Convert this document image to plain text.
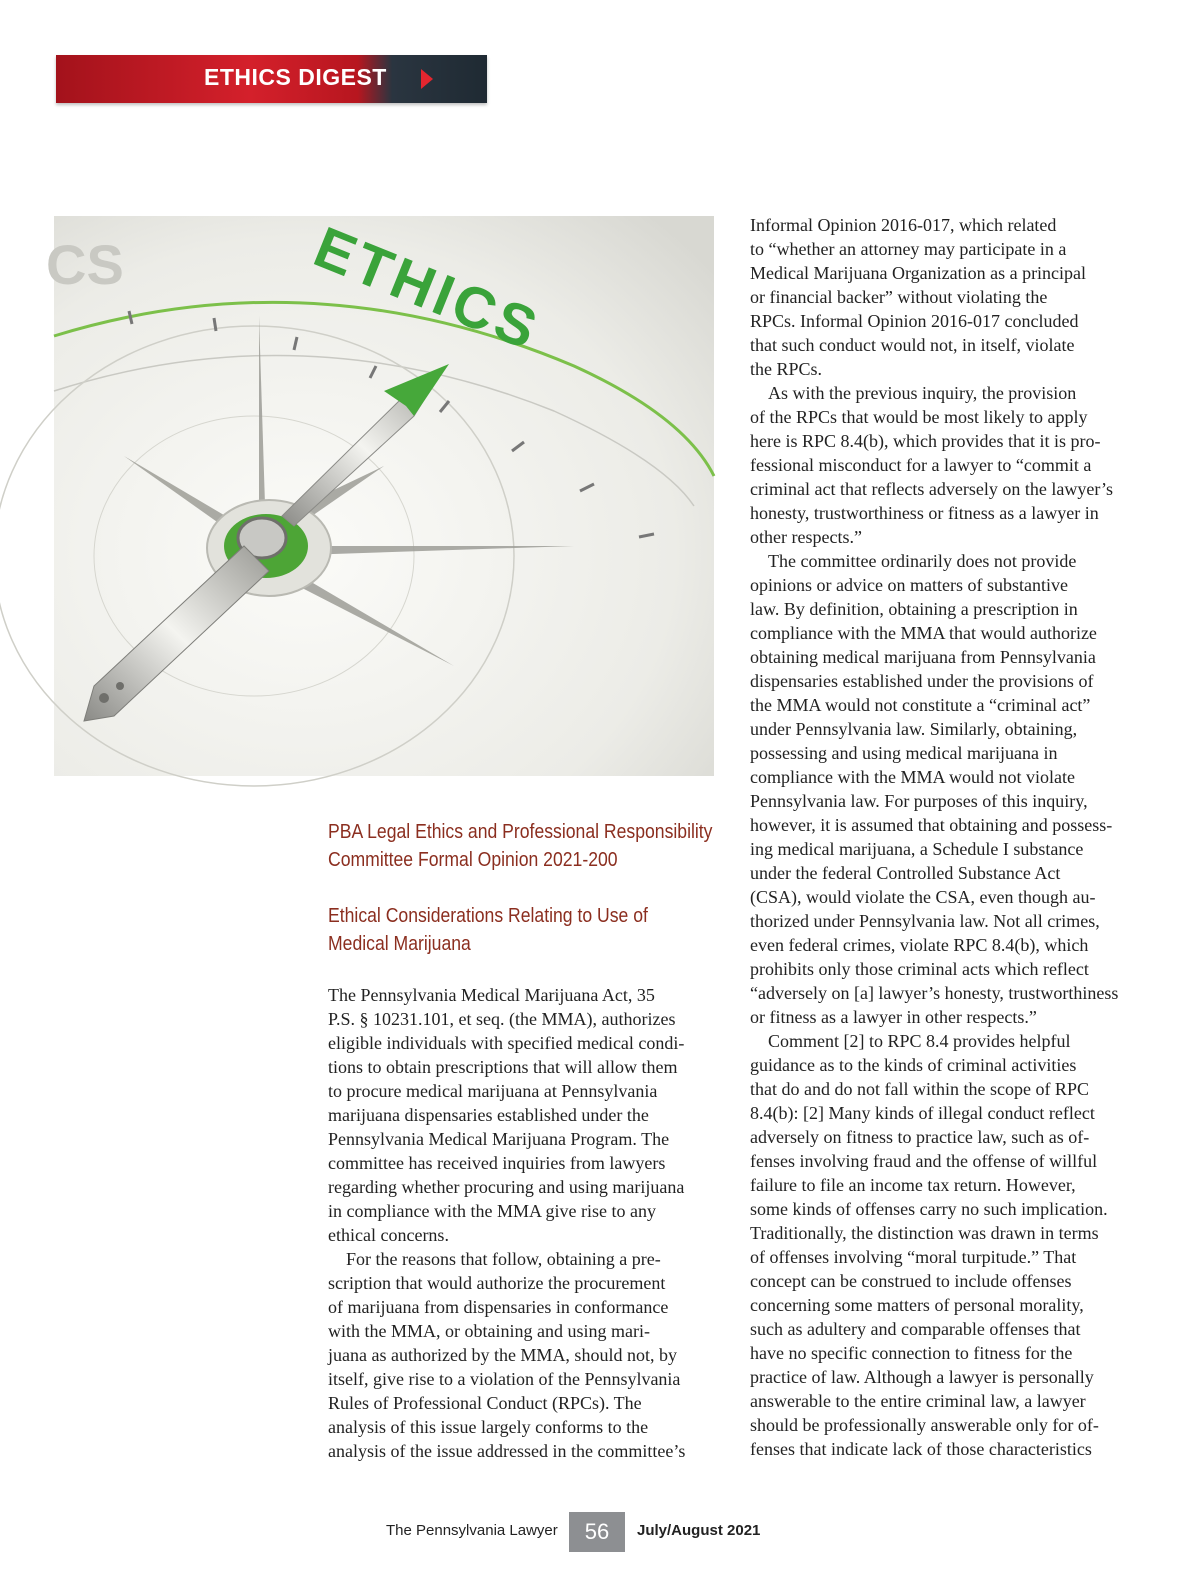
ETHICS DIGEST
ETHICS
CS
PBA Legal Ethics and Professional Responsibility
Committee Formal Opinion 2021-200
Ethical Considerations Relating to Use of
Medical Marijuana

The Pennsylvania Medical Marijuana Act, 35

P.S. § 10231.101, et seq. (the MMA), authorizes

eligible individuals with specified medical condi-

tions to obtain prescriptions that will allow them

to procure medical marijuana at Pennsylvania

marijuana dispensaries established under the

Pennsylvania Medical Marijuana Program. The

committee has received inquiries from lawyers

regarding whether procuring and using marijuana

in compliance with the MMA give rise to any

ethical concerns.

For the reasons that follow, obtaining a pre-

scription that would authorize the procurement

of marijuana from dispensaries in conformance

with the MMA, or obtaining and using mari-

juana as authorized by the MMA, should not, by

itself, give rise to a violation of the Pennsylvania

Rules of Professional Conduct (RPCs). The

analysis of this issue largely conforms to the

analysis of the issue addressed in the committee’s

Informal Opinion 2016-017, which related

to “whether an attorney may participate in a

Medical Marijuana Organization as a principal

or financial backer” without violating the

RPCs. Informal Opinion 2016-017 concluded

that such conduct would not, in itself, violate

the RPCs.

As with the previous inquiry, the provision

of the RPCs that would be most likely to apply

here is RPC 8.4(b), which provides that it is pro-

fessional misconduct for a lawyer to “commit a

criminal act that reflects adversely on the lawyer’s

honesty, trustworthiness or fitness as a lawyer in

other respects.”

The committee ordinarily does not provide

opinions or advice on matters of substantive

law. By definition, obtaining a prescription in

compliance with the MMA that would authorize

obtaining medical marijuana from Pennsylvania

dispensaries established under the provisions of

the MMA would not constitute a “criminal act”

under Pennsylvania law. Similarly, obtaining,

possessing and using medical marijuana in

compliance with the MMA would not violate

Pennsylvania law. For purposes of this inquiry,

however, it is assumed that obtaining and possess-

ing medical marijuana, a Schedule I substance

under the federal Controlled Substance Act

(CSA), would violate the CSA, even though au-

thorized under Pennsylvania law. Not all crimes,

even federal crimes, violate RPC 8.4(b), which

prohibits only those criminal acts which reflect

“adversely on [a] lawyer’s honesty, trustworthiness

or fitness as a lawyer in other respects.”

Comment [2] to RPC 8.4 provides helpful

guidance as to the kinds of criminal activities

that do and do not fall within the scope of RPC

8.4(b): [2] Many kinds of illegal conduct reflect

adversely on fitness to practice law, such as of-

fenses involving fraud and the offense of willful

failure to file an income tax return. However,

some kinds of offenses carry no such implication.

Traditionally, the distinction was drawn in terms

of offenses involving “moral turpitude.” That

concept can be construed to include offenses

concerning some matters of personal morality,

such as adultery and comparable offenses that

have no specific connection to fitness for the

practice of law. Although a lawyer is personally

answerable to the entire criminal law, a lawyer

should be professionally answerable only for of-

fenses that indicate lack of those characteristics

The Pennsylvania Lawyer	56	July/August 2021
